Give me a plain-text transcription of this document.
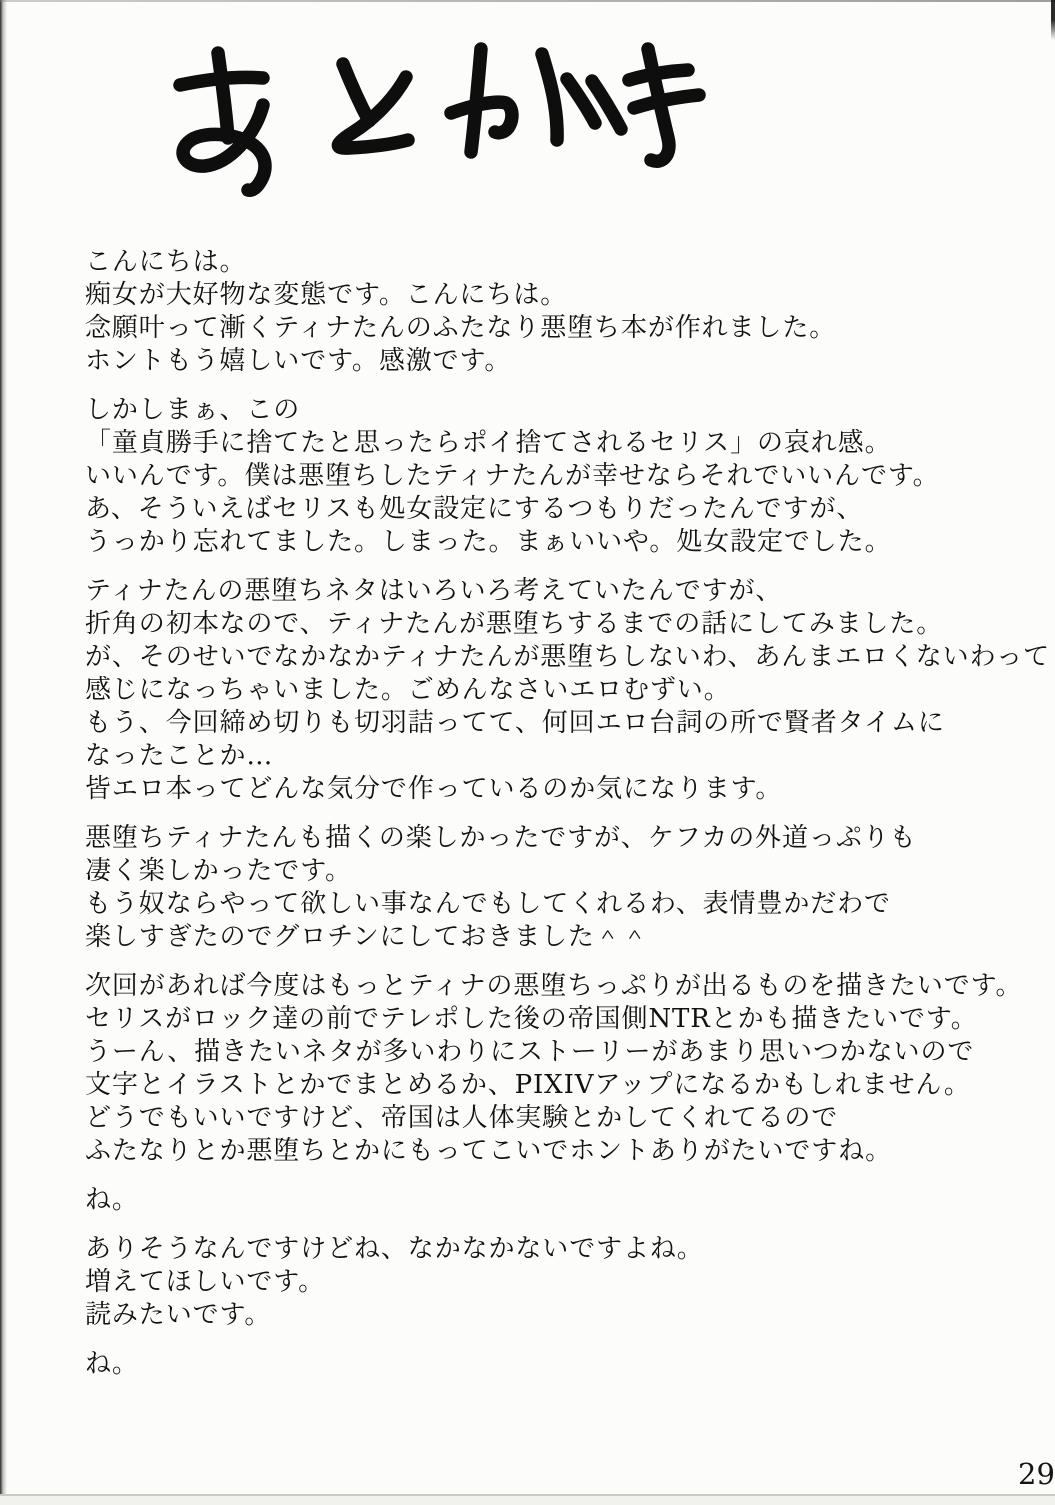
こんにちは。
痴女が大好物な変態です。こんにちは。
念願叶って漸くティナたんのふたなり悪堕ち本が作れました。
ホントもう嬉しいです。感激です。

しかしまぁ、この
「童貞勝手に捨てたと思ったらポイ捨てされるセリス」の哀れ感。
いいんです。僕は悪堕ちしたティナたんが幸せならそれでいいんです。
あ、そういえばセリスも処女設定にするつもりだったんですが、
うっかり忘れてました。しまった。まぁいいや。処女設定でした。

ティナたんの悪堕ちネタはいろいろ考えていたんですが、
折角の初本なので、ティナたんが悪堕ちするまでの話にしてみました。
が、そのせいでなかなかティナたんが悪堕ちしないわ、あんまエロくないわって
感じになっちゃいました。ごめんなさいエロむずい。
もう、今回締め切りも切羽詰ってて、何回エロ台詞の所で賢者タイムに
なったことか…
皆エロ本ってどんな気分で作っているのか気になります。

悪堕ちティナたんも描くの楽しかったですが、ケフカの外道っぷりも
凄く楽しかったです。
もう奴ならやって欲しい事なんでもしてくれるわ、表情豊かだわで
楽しすぎたのでグロチンにしておきました＾＾

次回があれば今度はもっとティナの悪堕ちっぷりが出るものを描きたいです。
セリスがロック達の前でテレポした後の帝国側NTRとかも描きたいです。
うーん、描きたいネタが多いわりにストーリーがあまり思いつかないので
文字とイラストとかでまとめるか、PIXIVアップになるかもしれません。
どうでもいいですけど、帝国は人体実験とかしてくれてるので
ふたなりとか悪堕ちとかにもってこいでホントありがたいですね。

ね。

ありそうなんですけどね、なかなかないですよね。
増えてほしいです。
読みたいです。

ね。

29
